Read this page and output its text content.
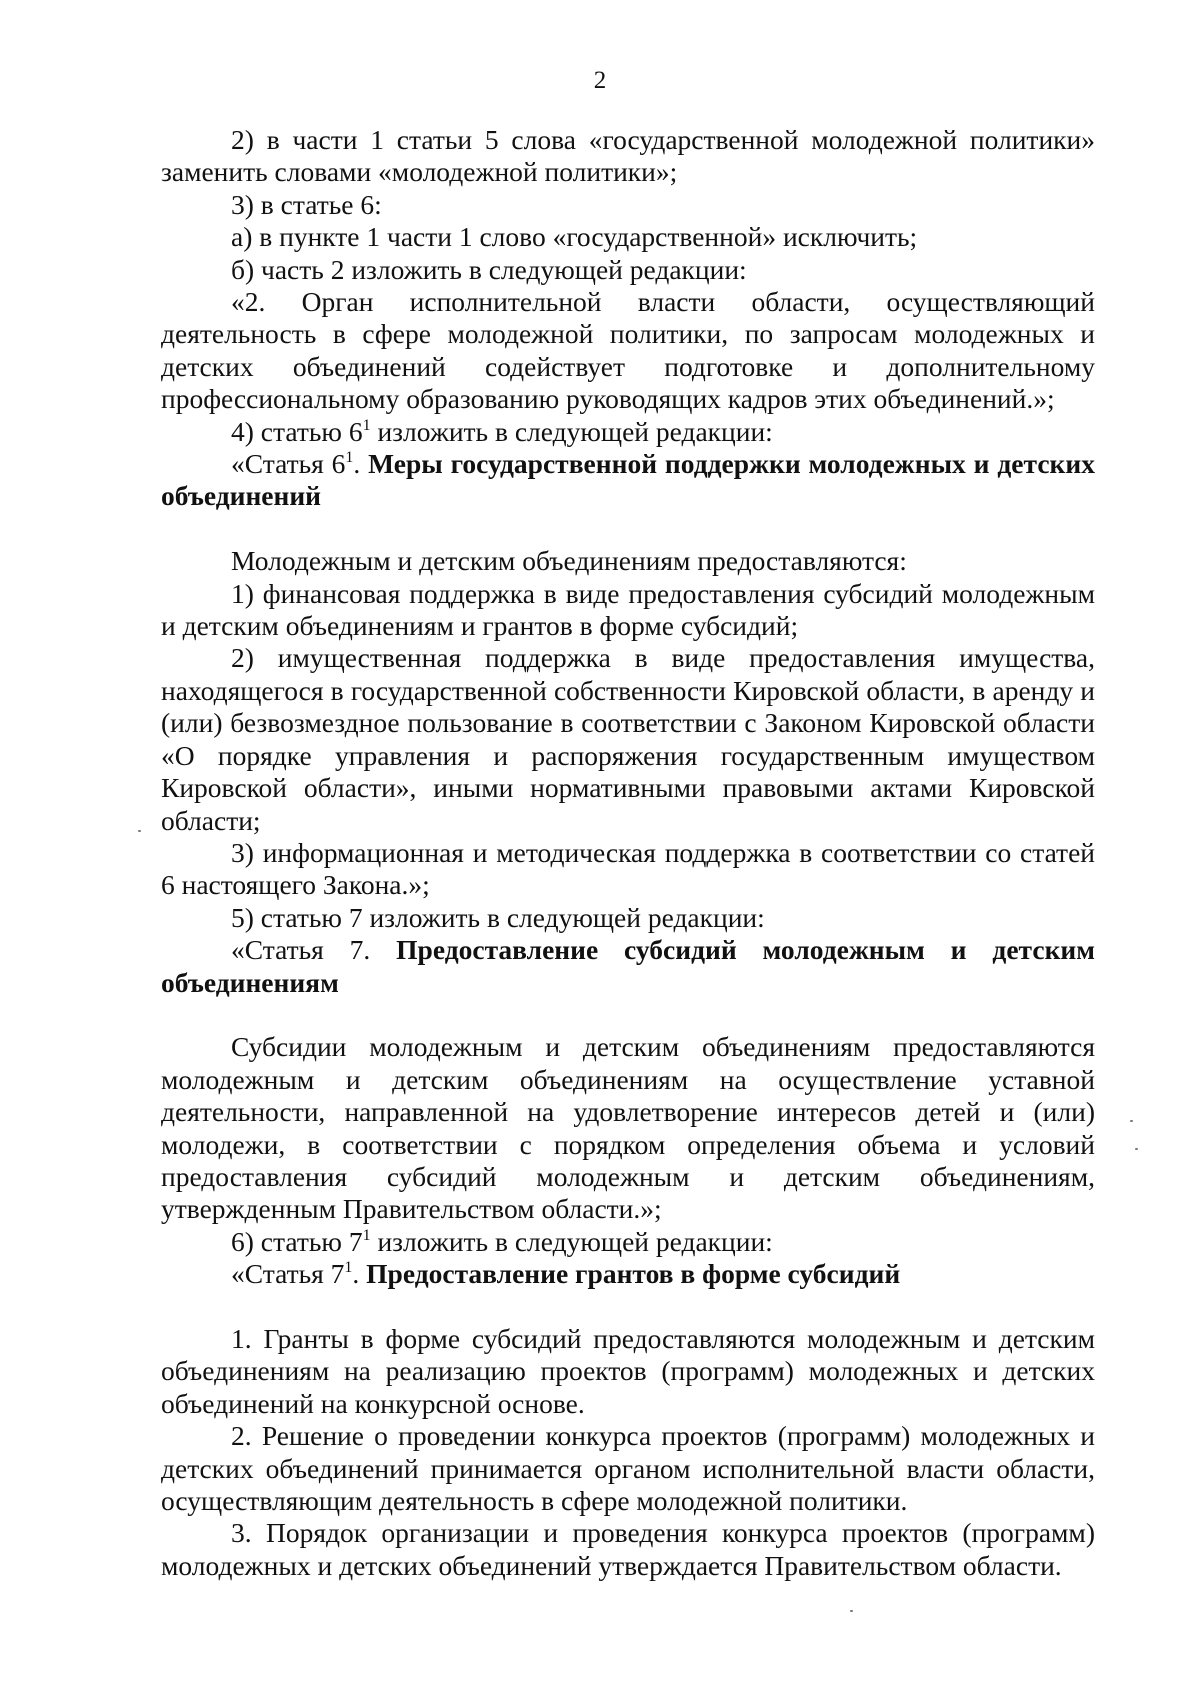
2

2) в части 1 статьи 5 слова «государственной молодежной политики» заменить словами «молодежной политики»;

3) в статье 6:

а) в пункте 1 части 1 слово «государственной» исключить;

б) часть 2 изложить в следующей редакции:

«2. Орган исполнительной власти области, осуществляющий деятельность в сфере молодежной политики, по запросам молодежных и детских объединений содействует подготовке и дополнительному профессиональному образованию руководящих кадров этих объединений.»;

4) статью $6^1$ изложить в следующей редакции:

«Статья $6^1$. Меры государственной поддержки молодежных и детских объединений

Молодежным и детским объединениям предоставляются:

1) финансовая поддержка в виде предоставления субсидий молодежным и детским объединениям и грантов в форме субсидий;

2) имущественная поддержка в виде предоставления имущества, находящегося в государственной собственности Кировской области, в аренду и (или) безвозмездное пользование в соответствии с Законом Кировской области «О порядке управления и распоряжения государственным имуществом Кировской области», иными нормативными правовыми актами Кировской области;

3) информационная и методическая поддержка в соответствии со статей 6 настоящего Закона.»;

5) статью 7 изложить в следующей редакции:

«Статья 7. Предоставление субсидий молодежным и детским объединениям

Субсидии молодежным и детским объединениям предоставляются молодежным и детским объединениям на осуществление уставной деятельности, направленной на удовлетворение интересов детей и (или) молодежи, в соответствии с порядком определения объема и условий предоставления субсидий молодежным и детским объединениям, утвержденным Правительством области.»;

6) статью $7^1$ изложить в следующей редакции:

«Статья $7^1$. Предоставление грантов в форме субсидий

1. Гранты в форме субсидий предоставляются молодежным и детским объединениям на реализацию проектов (программ) молодежных и детских объединений на конкурсной основе.

2. Решение о проведении конкурса проектов (программ) молодежных и детских объединений принимается органом исполнительной власти области, осуществляющим деятельность в сфере молодежной политики.

3. Порядок организации и проведения конкурса проектов (программ) молодежных и детских объединений утверждается Правительством области.
